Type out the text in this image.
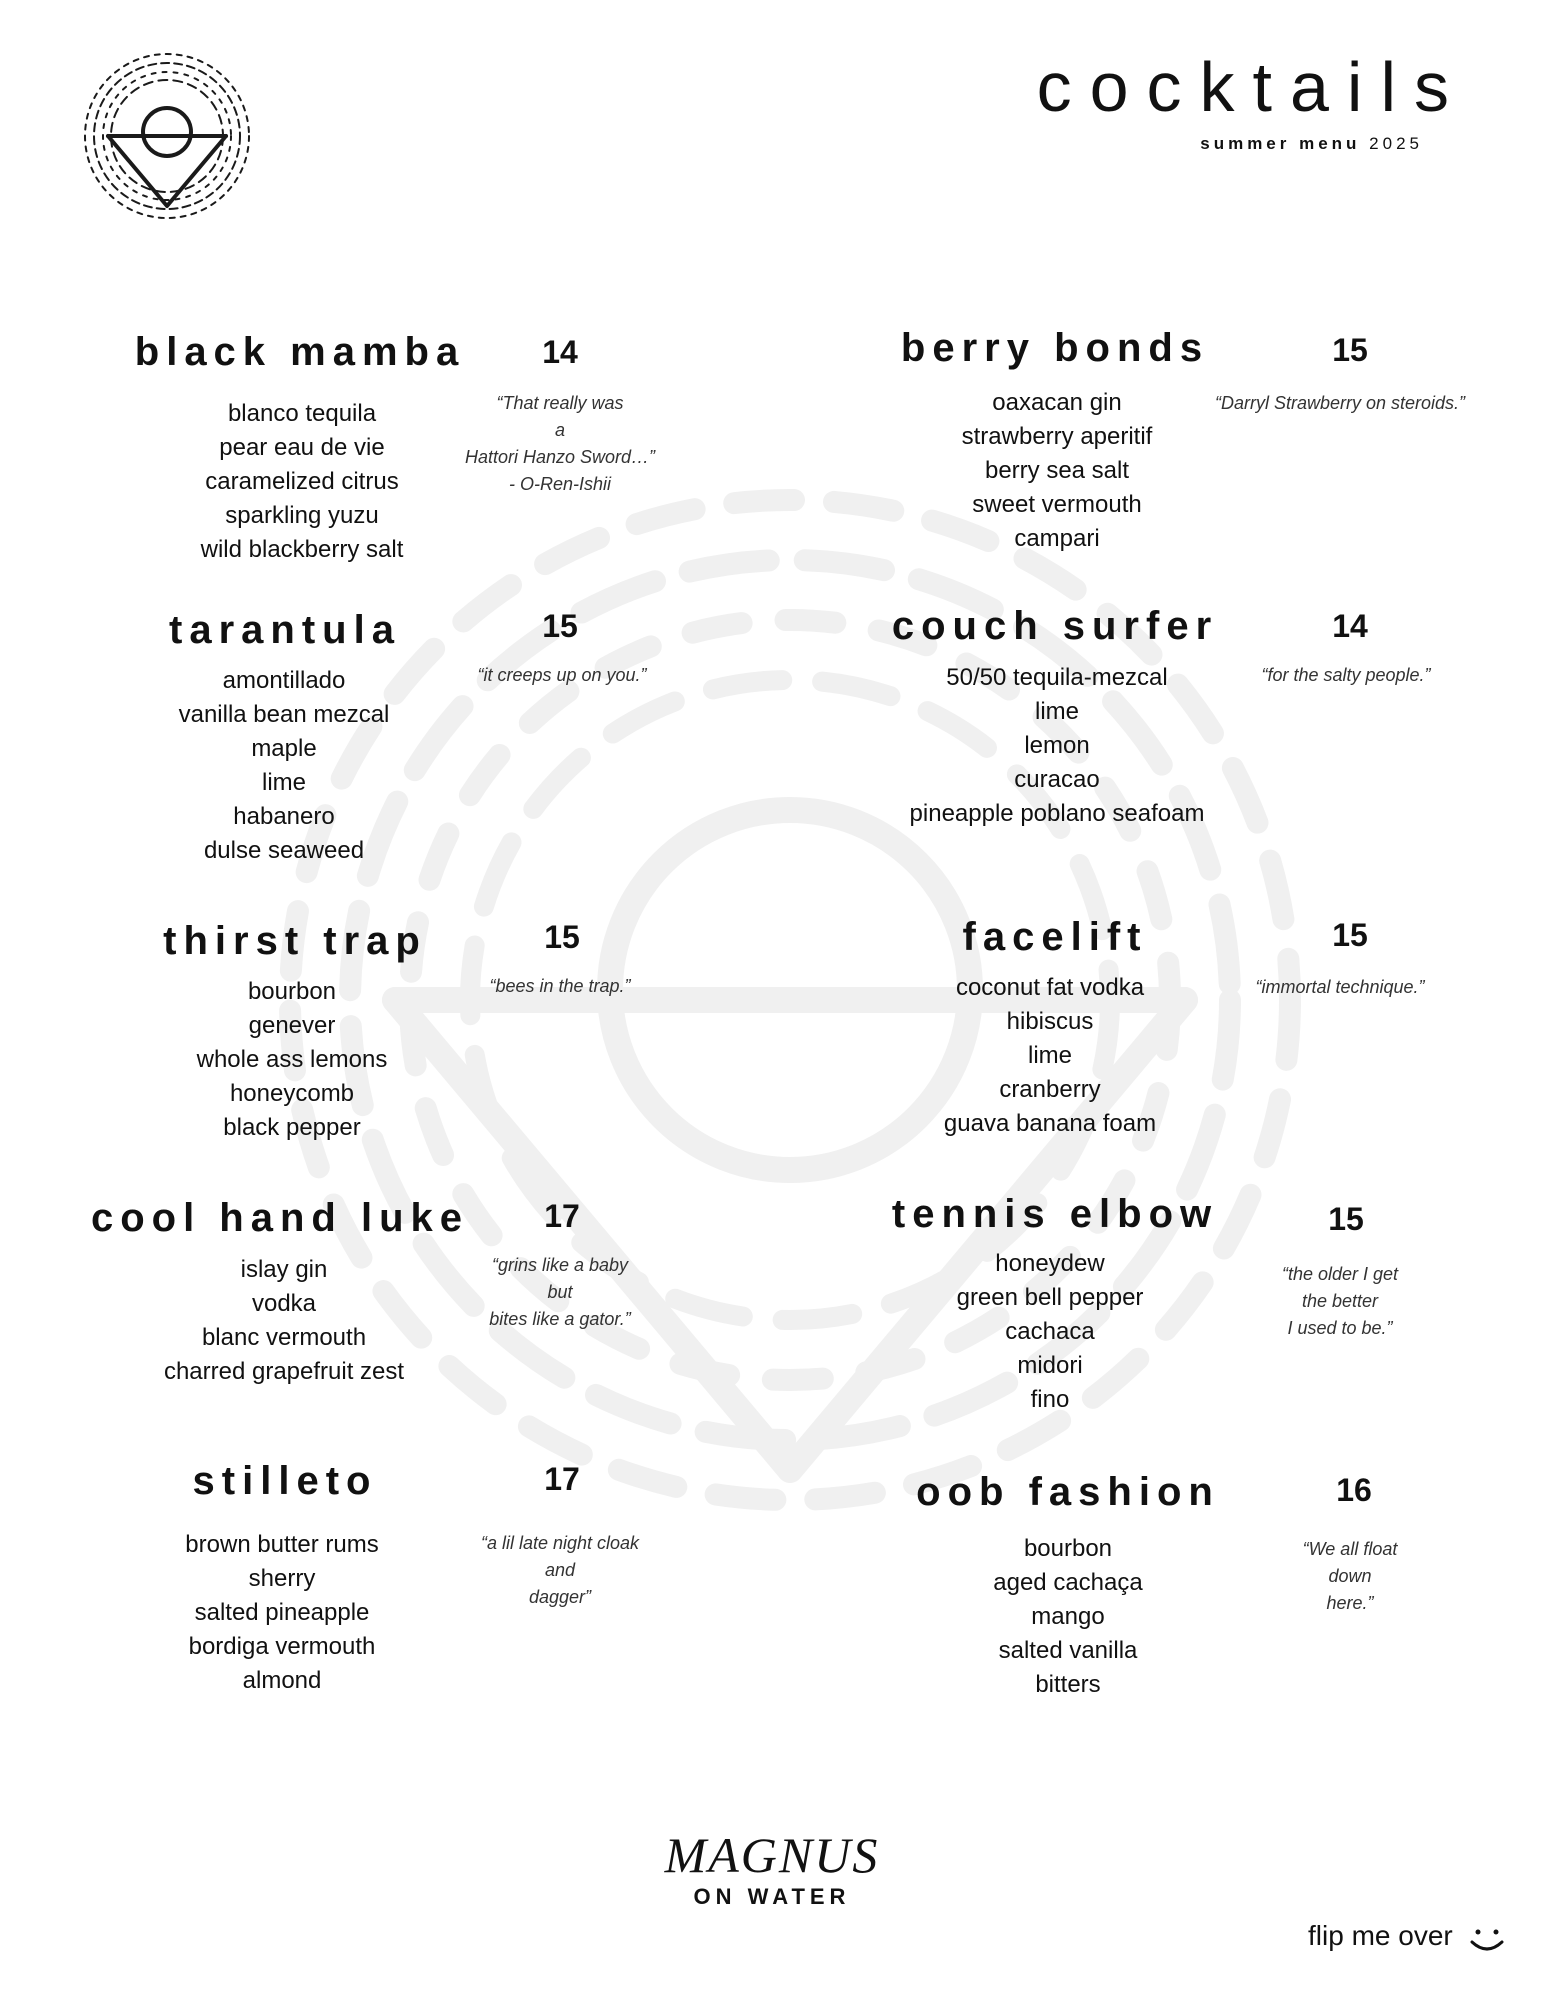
cocktails
summer menu 2025
black mamba	14
blanco tequila
pear eau de vie
caramelized citrus
sparkling yuzu
wild blackberry salt
“That really was
a
Hattori Hanzo Sword…”
- O-Ren-Ishii
tarantula	15
amontillado
vanilla bean mezcal
maple
lime
habanero
dulse seaweed
“it creeps up on you.”
thirst trap	15
bourbon
genever
whole ass lemons
honeycomb
black pepper
“bees in the trap.”
cool hand luke	17
islay gin
vodka
blanc vermouth
charred grapefruit zest
“grins like a baby
but
bites like a gator.”
stilleto	17
brown butter rums
sherry
salted pineapple
bordiga vermouth
almond
“a lil late night cloak
and
dagger”
berry bonds	15
oaxacan gin
strawberry aperitif
berry sea salt
sweet vermouth
campari
“Darryl Strawberry on steroids.”
couch surfer	14
50/50 tequila-mezcal
lime
lemon
curacao
pineapple poblano seafoam
“for the salty people.”
facelift	15
coconut fat vodka
hibiscus
lime
cranberry
guava banana foam
“immortal technique.”
tennis elbow	15
honeydew
green bell pepper
cachaca
midori
fino
“the older I get
the better
I used to be.”
oob fashion	16
bourbon
aged cachaça
mango
salted vanilla
bitters
“We all float
down
here.”
MAGNUS
ON WATER
flip me over
